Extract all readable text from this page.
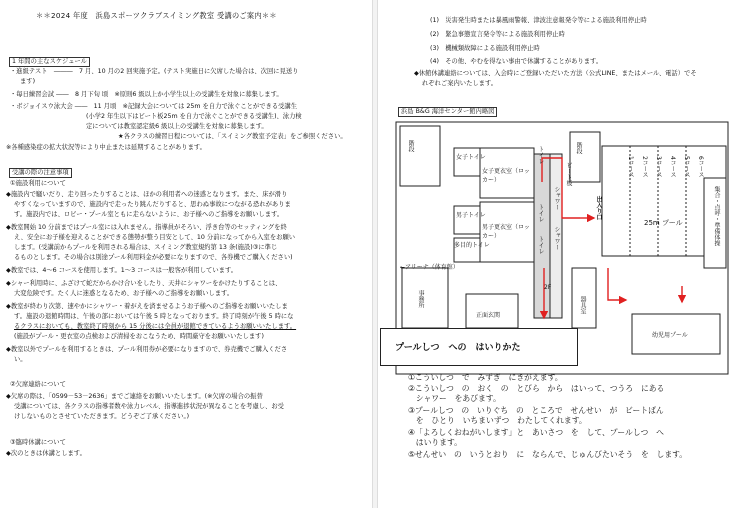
＊＊2024 年度　浜島スポーツクラブスイミング教室 受講のご案内＊＊
1 年間の主なスケジュール
・進級テスト　―――　7 月、10 月の2 回実施予定。(テスト実施日に欠席した場合は、次回に見送り
ます)
・毎日練習会試 ――　8 月下旬 頃　※原則6 級以上か小学生以上の受講生を対象に募集します。
・ボジョイスウ泳大会 ――　11 月頃　※記録大会については 25m を自力で泳ぐことができる受講生
(小学2 年生以下はビート板25m を自力で泳ぐことができる受講生)、泳力検
定については教室認定級6 級以上の受講生を対象に募集します。
★各クラスの練習日程については、「スイミング教室予定表」をご参照ください。
※各種感染症の拡大状況等により中止または延期することがあります。
受講の際の注意事項
①施設利用について
◆施設内で騒いだり、走り回ったりすることは、ほかの利用者への迷惑となります。また、床が滑り
やすくなっていますので、施設内で走ったり跳んだりすると、思わぬ事故につながる恐れがありま
す。施設内では、ロビー・プール室ともに走らないように、お子様へのご指導をお願いします。
◆教室開始 10 分前まではプール室には入れません。指導員がそろい、浮き台等のセッティングを終
え、安全にお子様を迎えることができる態勢が整う目安として、10 分前になってから入室をお願い
します。(受講前からプールを利用される場合は、スイミング教室規約第 13 条(施設)③に準じ
るものとします。その場合は別途プール利用料金が必要になりますので、各券機でご購入ください)
◆教室では、4～6 コースを使用します。1～3 コースは一般客が利用しています。
◆シャー利用時に、ふざけて蛇だからかけ合いをしたり、天井にシャワーをかけたりすることは、
大変危険です。たく人に迷惑となるため、お子様へのご指導をお願いします。
◆教室が終わり次第、速やかにシャワー・着がえを済ませるようお子様へのご指導をお願いいたしま
す。施設の退館時間は、午後の部においては午後 5 時となっております。終了時刻が午後 5 時にな
るクラスにおいても、教室終了時刻から 15 分後には全員が退館できているようお願いいたします。
(施設がプール・更衣室の点検および清掃をおこなうため、時間厳守をお願いいたします)
◆教室以外でプールを利用するときは、プール利用券が必要になりますので、券売機でご購入くださ
い。
②欠席連絡について
◆欠席の際は、「0599－53－2636」までご連絡をお願いいたします。(※欠席の場合の振替
受講については、各クラスの指導者数や泳力レベル、指導進捗状況が異なることを考慮し、お受
けしないものとさせていただきます。どうぞご了承ください。)
③臨時休講について
◆次のときは休講とします。
(1)　災害発生時または暴風雨警報、津波注意報発令等による施設利用停止時
(2)　緊急事態宣言発令等による施設利用停止時
(3)　機械類故障による施設利用停止時
(4)　その他、やむを得ない事由で休講することがあります。
◆休館休講連絡については、入会時にご登録いただいた方法（公式LINE、またはメール、電話）でそ
れぞれご案内いたします。
浜島 B&G 海洋センター館内略図
階段
女子トイレ
男子トイレ
多目的トイレ
女子更衣室（ロッカー）
男子更衣室（ロッカー）
トイレ
トイレ
トイレ
ビート板
シャワー
シャワー
出入り口
階段
1コース 2コース 3コース 4コース 5コース 6コース
25m プール	集合・点呼・準備体操
事務所
正面玄関
←アリーナ（体育館）
器具室
2F
幼児用プール
プールしつ　への　はいりかた
①こういしつ　で　みずぎ　にきがえます。
②こういしつ　の　おく　の　とびら　から　はいって、つうろ　にある
　シャワー　をあびます。
③プールしつ　の　いりぐち　の　ところで　せんせい　が　ビートばん
　を　ひとり　いちまいずつ　わたしてくれます。
④「よろしくおねがいします」と　あいさつ　を　して、プールしつ　へ
　はいります。
⑤せんせい　の　いうとおり　に　ならんで、じゅんびたいそう　を　します。
